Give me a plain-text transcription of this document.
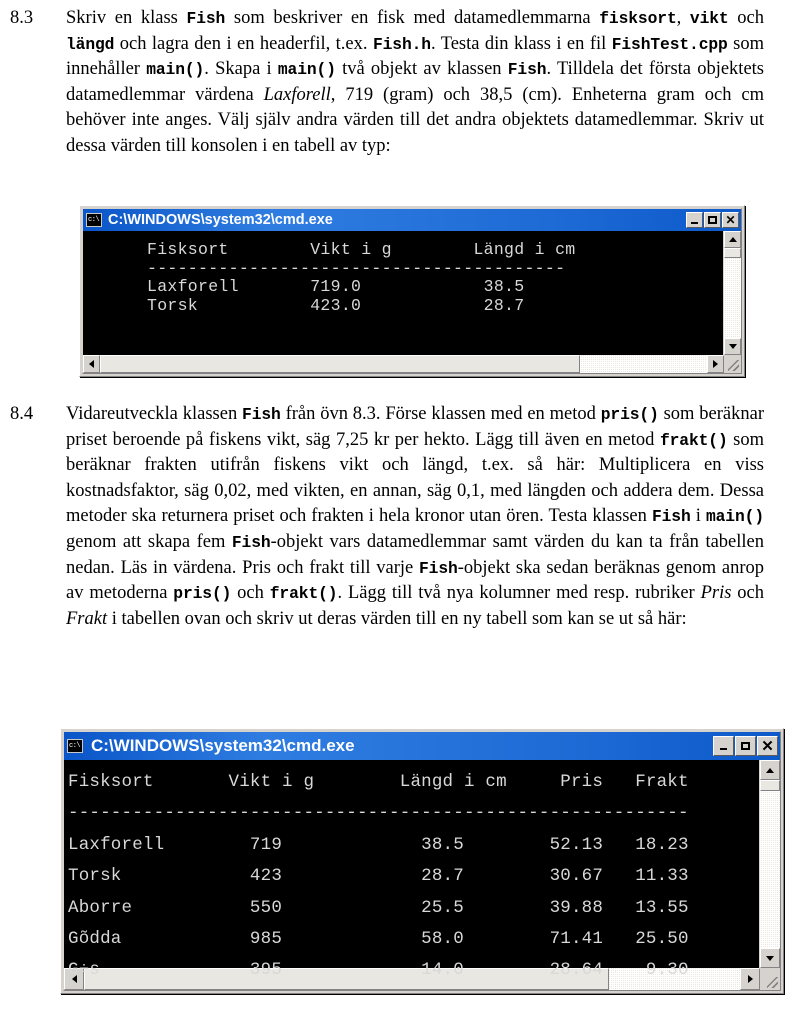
8.3	Skriv en klass Fish som beskriver en fisk med datamedlemmarna fisksort, vikt och längd och lagra den i en headerfil, t.ex. Fish.h. Testa din klass i en fil FishTest.cpp som innehåller main(). Skapa i main() två objekt av klassen Fish. Tilldela det första objektets datamedlemmar värdena Laxforell, 719 (gram) och 38,5 (cm). Enheterna gram och cm behöver inte anges. Välj själv andra värden till det andra objektets datamedlemmar. Skriv ut dessa värden till konsolen i en tabell av typ:
c:\ C:\WINDOWS\system32\cmd.exe	✕
Fisksort        Vikt i g        Längd i cm
-----------------------------------------
Laxforell       719.0            38.5
Torsk           423.0            28.7
8.4	Vidareutveckla klassen Fish från övn 8.3. Förse klassen med en metod pris() som beräknar priset beroende på fiskens vikt, säg 7,25 kr per hekto. Lägg till även en metod frakt() som beräknar frakten utifrån fiskens vikt och längd, t.ex. så här: Multiplicera en viss kostnadsfaktor, säg 0,02, med vikten, en annan, säg 0,1, med längden och addera dem. Dessa metoder ska returnera priset och frakten i hela kronor utan ören. Testa klassen Fish i main() genom att skapa fem Fish-objekt vars datamedlemmar samt värden du kan ta från tabellen nedan. Läs in värdena. Pris och frakt till varje Fish-objekt ska sedan beräknas genom anrop av metoderna pris() och frakt(). Lägg till två nya kolumner med resp. rubriker Pris och Frakt i tabellen ovan och skriv ut deras värden till en ny tabell som kan se ut så här:
c:\ C:\WINDOWS\system32\cmd.exe	✕
Fisksort       Vikt i g        Längd i cm     Pris   Frakt
----------------------------------------------------------
Laxforell        719             38.5        52.13   18.23
Torsk            423             28.7        30.67   11.33
Aborre           550             25.5        39.88   13.55
Gõdda            985             58.0        71.41   25.50
G÷s              395             14.0        28.64    9.30
